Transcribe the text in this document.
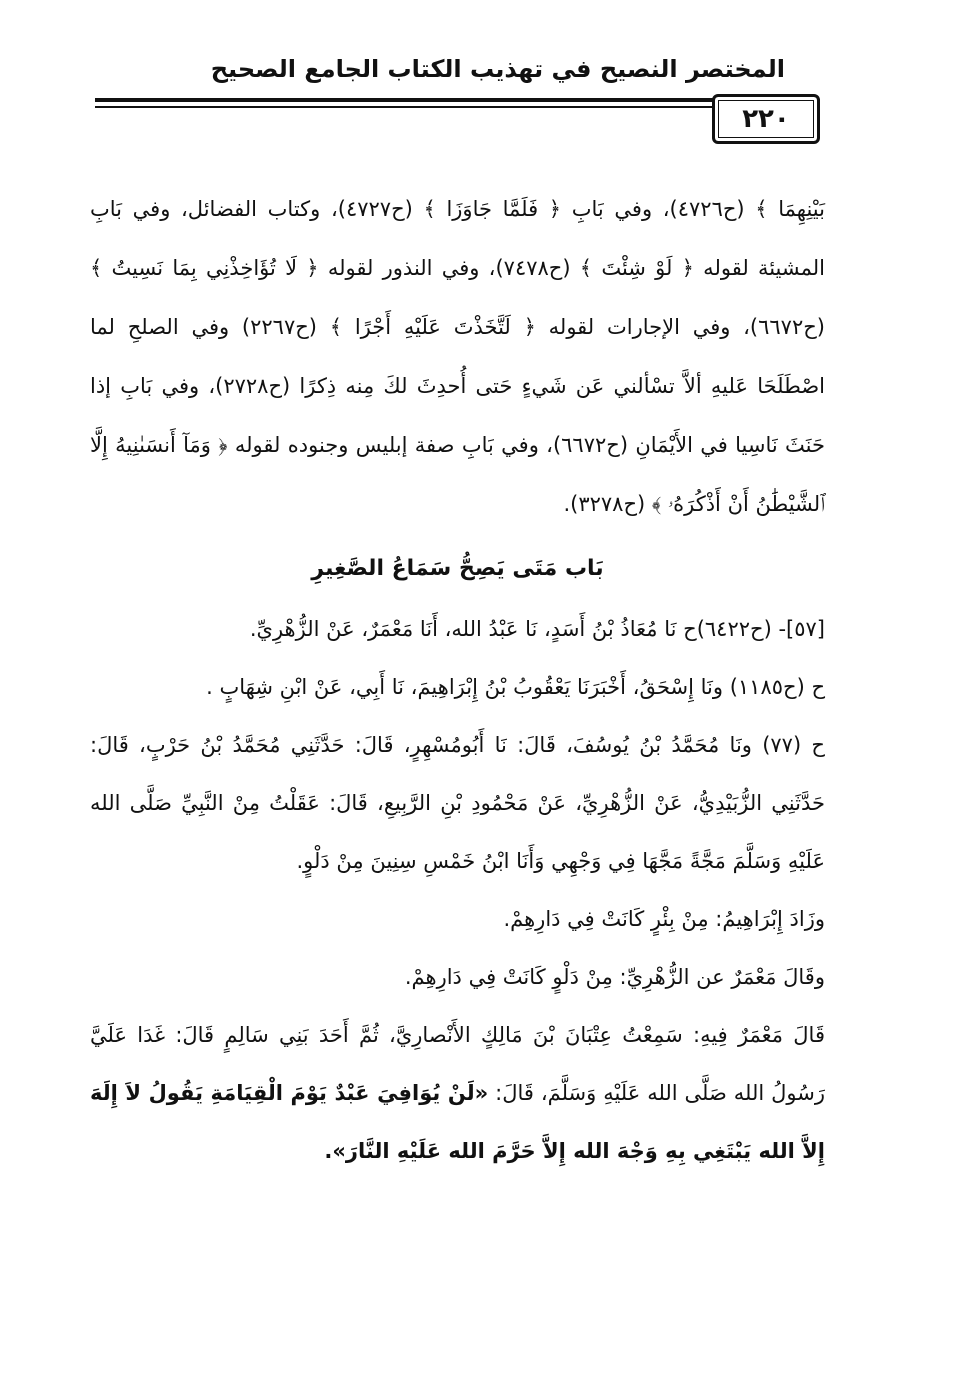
المختصر النصيح في تهذيب الكتاب الجامع الصحيح
٢٢٠

بَيْنِهِمَا ﴾ (ح٤٧٢٦)، وفي بَابِ ﴿ فَلَمَّا جَاوَزَا ﴾ (ح٤٧٢٧)، وكتاب الفضائل، وفي بَابِ المشيئة لقوله ﴿ لَوْ شِئْتَ ﴾ (ح٧٤٧٨)، وفي النذور لقوله ﴿ لَا تُؤَاخِذْنِي بِمَا نَسِيتُ ﴾ (ح٦٦٧٢)، وفي الإجارات لقوله ﴿ لَتَّخَذْتَ عَلَيْهِ أَجْرًا ﴾ (ح٢٢٦٧) وفي الصلحِ لما اصْطَلَحَا عَليهِ ألاَّ تسْألني عَن شَيءٍ حَتى أُحدِثَ لكَ مِنه ذِكرًا (ح٢٧٢٨)، وفي بَابِ إذا حَنَثَ نَاسِيا في الأَيْمَانِ (ح٦٦٧٢)، وفي بَابِ صفة إبليس وجنوده لقوله ﴿ وَمَآ أَنسَىٰنِيهُ إِلَّا ٱلشَّيْطَٰنُ أَنْ أَذْكُرَهُۥ ﴾ (ح٣٢٧٨).

بَاب مَتَى يَصِحُّ سَمَاعُ الصَّغِيرِ

[٥٧]- (ح٦٤٢٢)ح نَا مُعَاذُ بْنُ أَسَدٍ، نَا عَبْدُ الله، أَنَا مَعْمَرٌ، عَنْ الزُّهْرِيِّ.

ح (ح١١٨٥) ونَا إِسْحَقُ، أَخْبَرَنَا يَعْقُوبُ بْنُ إِبْرَاهِيمَ، نَا أَبِي، عَنْ ابْنِ شِهَابٍ .

ح (٧٧) ونَا مُحَمَّدُ بْنُ يُوسُفَ، قَالَ: نَا أَبُومُسْهِرٍ، قَالَ: حَدَّثَنِي مُحَمَّدُ بْنُ حَرْبٍ، قَالَ: حَدَّثَنِي الزُّبَيْدِيُّ، عَنْ الزُّهْرِيِّ، عَنْ مَحْمُودِ بْنِ الرَّبِيعِ، قَالَ: عَقَلْتُ مِنْ النَّبِيِّ صَلَّى الله عَلَيْهِ وَسَلَّمَ مَجَّةً مَجَّهَا فِي وَجْهِي وَأَنَا ابْنُ خَمْسِ سِنِينَ مِنْ دَلْوٍ.

وزَادَ إِبْرَاهِيمُ: مِنْ بِئْرٍ كَانَتْ فِي دَارِهِمْ.

وقَالَ مَعْمَرٌ عن الزُّهْرِيِّ: مِنْ دَلْوٍ كَانَتْ فِي دَارِهِمْ.

قَالَ مَعْمَرٌ فِيهِ: سَمِعْتُ عِتْبَانَ بْنَ مَالِكٍ الأَنْصارِيَّ، ثُمَّ أَحَدَ بَنِي سَالِمٍ قَالَ: غَدَا عَلَيَّ رَسُولُ الله صَلَّى الله عَلَيْهِ وَسَلَّمَ، قَالَ: «لَنْ يُوَافِيَ عَبْدٌ يَوْمَ الْقِيَامَةِ يَقُولُ لاَ إِلَهَ إِلاَّ الله يَبْتَغِي بِهِ وَجْهَ الله إِلاَّ حَرَّمَ الله عَلَيْهِ النَّارَ».
